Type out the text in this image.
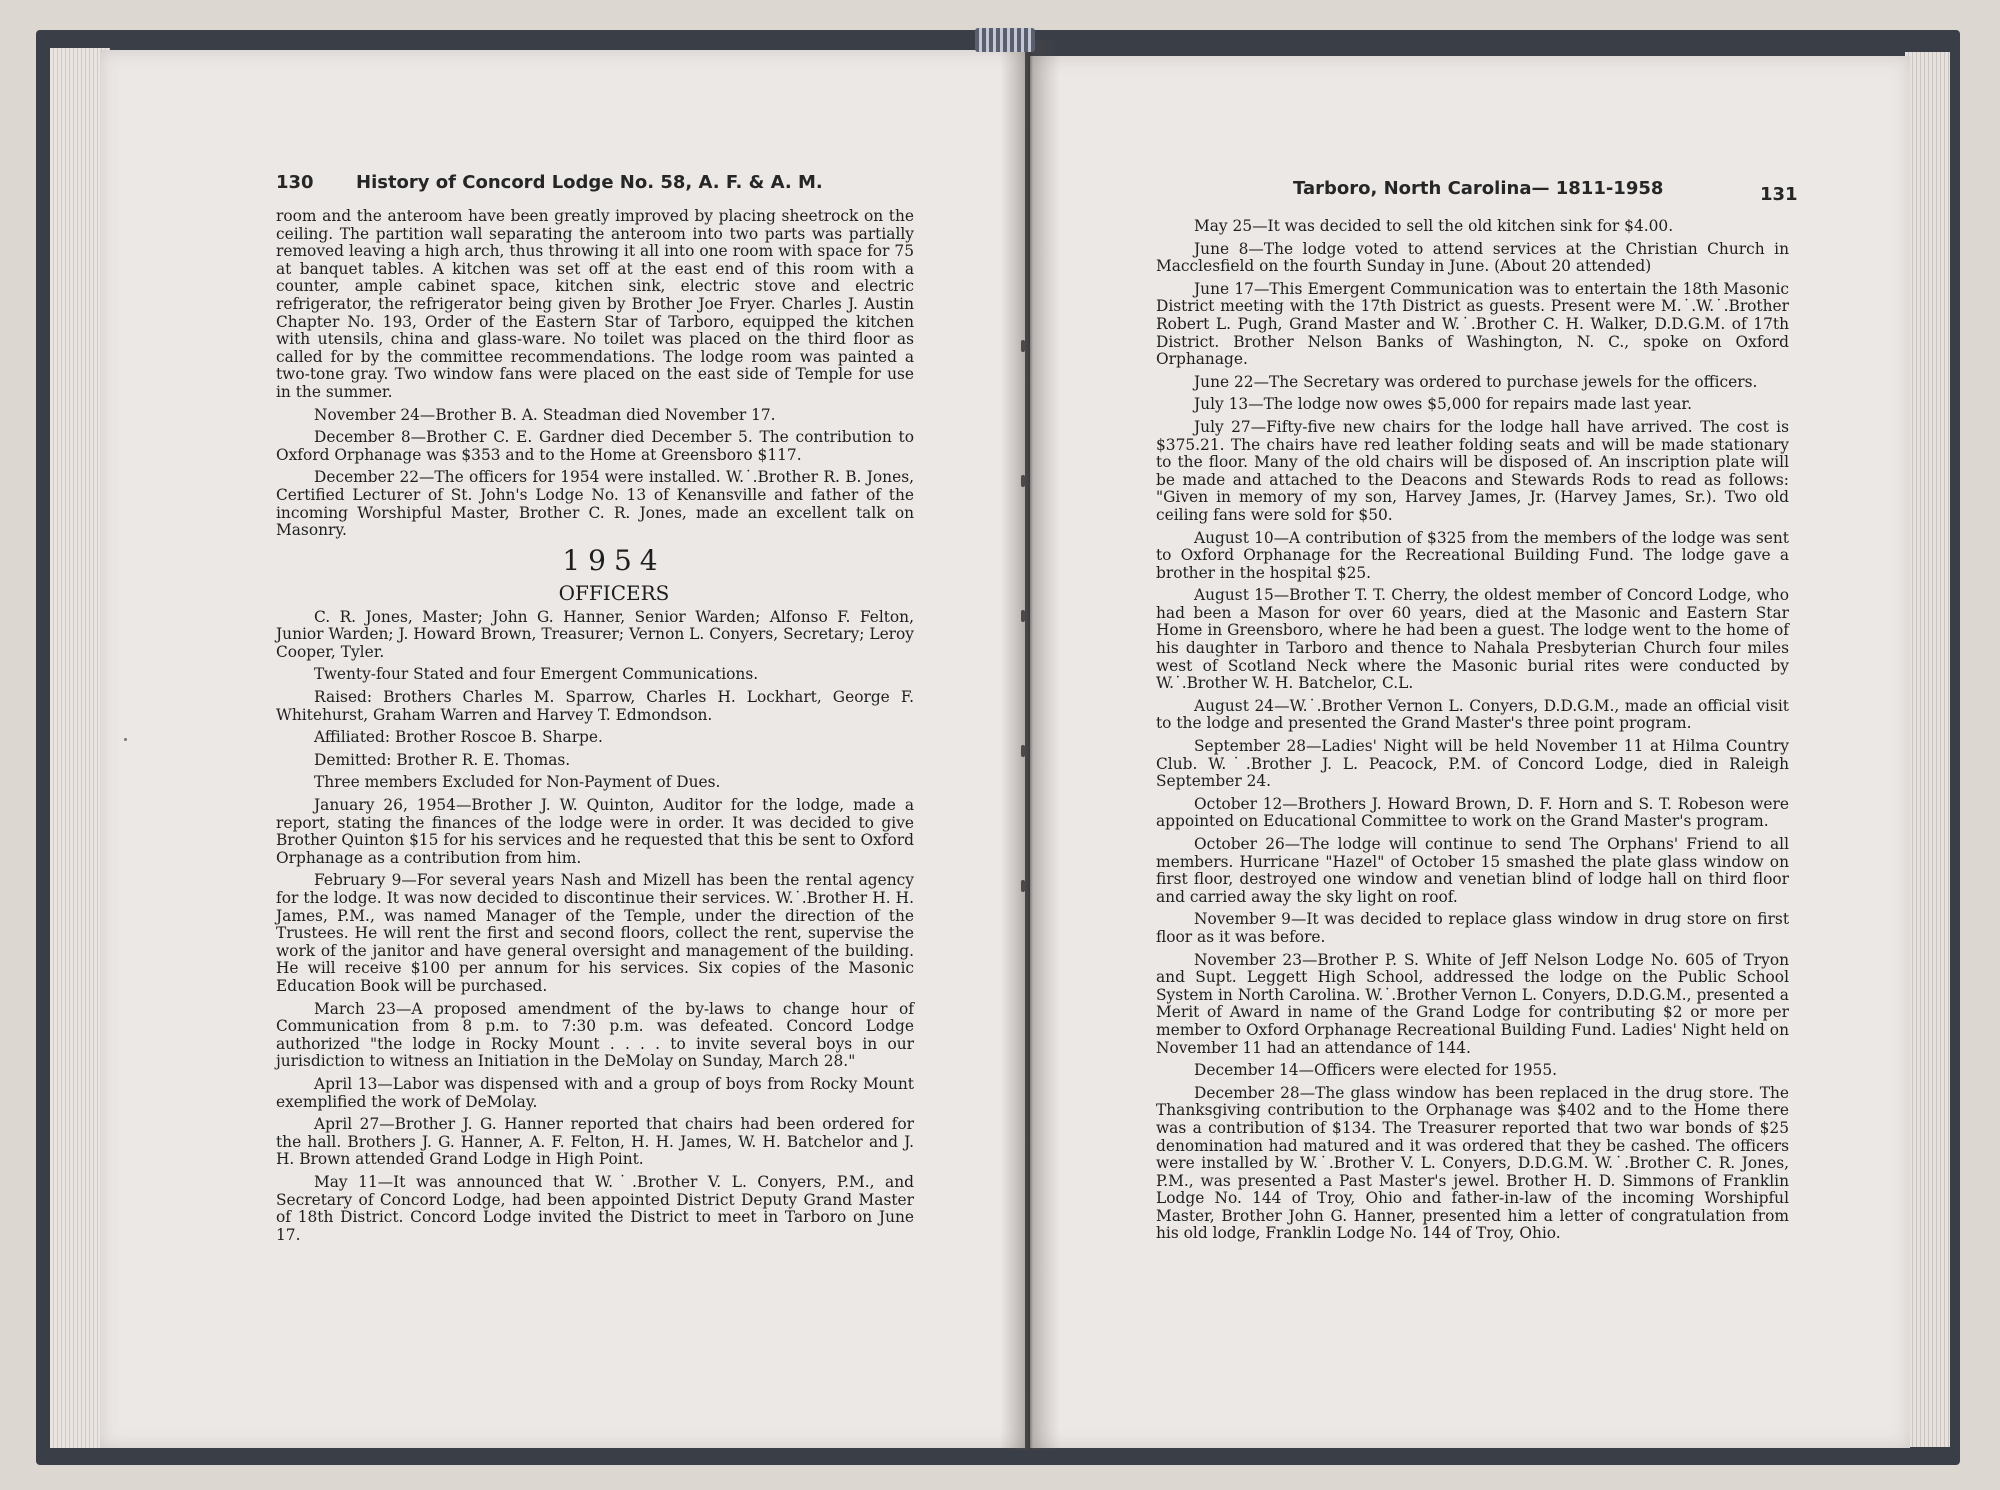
130 History of Concord Lodge No. 58, A. F. & A. M.

room and the anteroom have been greatly improved by placing sheetrock on the ceiling. The partition wall separating the anteroom into two parts was partially removed leaving a high arch, thus throwing it all into one room with space for 75 at banquet tables. A kitchen was set off at the east end of this room with a counter, ample cabinet space, kitchen sink, electric stove and electric refrigerator, the refrigerator being given by Brother Joe Fryer. Charles J. Austin Chapter No. 193, Order of the Eastern Star of Tarboro, equipped the kitchen with utensils, china and glass-ware. No toilet was placed on the third floor as called for by the committee recommendations. The lodge room was painted a two-tone gray. Two window fans were placed on the east side of Temple for use in the summer.

November 24—Brother B. A. Steadman died November 17.

December 8—Brother C. E. Gardner died December 5. The contribution to Oxford Orphanage was $353 and to the Home at Greensboro $117.

December 22—The officers for 1954 were installed. W.˙.Brother R. B. Jones, Certified Lecturer of St. John's Lodge No. 13 of Kenansville and father of the incoming Worshipful Master, Brother C. R. Jones, made an excellent talk on Masonry.

1954

OFFICERS

C. R. Jones, Master; John G. Hanner, Senior Warden; Alfonso F. Felton, Junior Warden; J. Howard Brown, Treasurer; Vernon L. Conyers, Secretary; Leroy Cooper, Tyler.

Twenty-four Stated and four Emergent Communications.

Raised: Brothers Charles M. Sparrow, Charles H. Lockhart, George F. Whitehurst, Graham Warren and Harvey T. Edmondson.

Affiliated: Brother Roscoe B. Sharpe.

Demitted: Brother R. E. Thomas.

Three members Excluded for Non-Payment of Dues.

January 26, 1954—Brother J. W. Quinton, Auditor for the lodge, made a report, stating the finances of the lodge were in order. It was decided to give Brother Quinton $15 for his services and he requested that this be sent to Oxford Orphanage as a contribution from him.

February 9—For several years Nash and Mizell has been the rental agency for the lodge. It was now decided to discontinue their services. W.˙.Brother H. H. James, P.M., was named Manager of the Temple, under the direction of the Trustees. He will rent the first and second floors, collect the rent, supervise the work of the janitor and have general oversight and management of the building. He will receive $100 per annum for his services. Six copies of the Masonic Education Book will be purchased.

March 23—A proposed amendment of the by-laws to change hour of Communication from 8 p.m. to 7:30 p.m. was defeated. Concord Lodge authorized "the lodge in Rocky Mount . . . . to invite several boys in our jurisdiction to witness an Initiation in the DeMolay on Sunday, March 28."

April 13—Labor was dispensed with and a group of boys from Rocky Mount exemplified the work of DeMolay.

April 27—Brother J. G. Hanner reported that chairs had been ordered for the hall. Brothers J. G. Hanner, A. F. Felton, H. H. James, W. H. Batchelor and J. H. Brown attended Grand Lodge in High Point.

May 11—It was announced that W.˙.Brother V. L. Conyers, P.M., and Secretary of Concord Lodge, had been appointed District Deputy Grand Master of 18th District. Concord Lodge invited the District to meet in Tarboro on June 17.

Tarboro, North Carolina— 1811-1958	131

May 25—It was decided to sell the old kitchen sink for $4.00.

June 8—The lodge voted to attend services at the Christian Church in Macclesfield on the fourth Sunday in June. (About 20 attended)

June 17—This Emergent Communication was to entertain the 18th Masonic District meeting with the 17th District as guests. Present were M.˙.W.˙.Brother Robert L. Pugh, Grand Master and W.˙.Brother C. H. Walker, D.D.G.M. of 17th District. Brother Nelson Banks of Washington, N. C., spoke on Oxford Orphanage.

June 22—The Secretary was ordered to purchase jewels for the officers.

July 13—The lodge now owes $5,000 for repairs made last year.

July 27—Fifty-five new chairs for the lodge hall have arrived. The cost is $375.21. The chairs have red leather folding seats and will be made stationary to the floor. Many of the old chairs will be disposed of. An inscription plate will be made and attached to the Deacons and Stewards Rods to read as follows: "Given in memory of my son, Harvey James, Jr. (Harvey James, Sr.). Two old ceiling fans were sold for $50.

August 10—A contribution of $325 from the members of the lodge was sent to Oxford Orphanage for the Recreational Building Fund. The lodge gave a brother in the hospital $25.

August 15—Brother T. T. Cherry, the oldest member of Concord Lodge, who had been a Mason for over 60 years, died at the Masonic and Eastern Star Home in Greensboro, where he had been a guest. The lodge went to the home of his daughter in Tarboro and thence to Nahala Presbyterian Church four miles west of Scotland Neck where the Masonic burial rites were conducted by W.˙.Brother W. H. Batchelor, C.L.

August 24—W.˙.Brother Vernon L. Conyers, D.D.G.M., made an official visit to the lodge and presented the Grand Master's three point program.

September 28—Ladies' Night will be held November 11 at Hilma Country Club. W.˙.Brother J. L. Peacock, P.M. of Concord Lodge, died in Raleigh September 24.

October 12—Brothers J. Howard Brown, D. F. Horn and S. T. Robeson were appointed on Educational Committee to work on the Grand Master's program.

October 26—The lodge will continue to send The Orphans' Friend to all members. Hurricane "Hazel" of October 15 smashed the plate glass window on first floor, destroyed one window and venetian blind of lodge hall on third floor and carried away the sky light on roof.

November 9—It was decided to replace glass window in drug store on first floor as it was before.

November 23—Brother P. S. White of Jeff Nelson Lodge No. 605 of Tryon and Supt. Leggett High School, addressed the lodge on the Public School System in North Carolina. W.˙.Brother Vernon L. Conyers, D.D.G.M., presented a Merit of Award in name of the Grand Lodge for contributing $2 or more per member to Oxford Orphanage Recreational Building Fund. Ladies' Night held on November 11 had an attendance of 144.

December 14—Officers were elected for 1955.

December 28—The glass window has been replaced in the drug store. The Thanksgiving contribution to the Orphanage was $402 and to the Home there was a contribution of $134. The Treasurer reported that two war bonds of $25 denomination had matured and it was ordered that they be cashed. The officers were installed by W.˙.Brother V. L. Conyers, D.D.G.M. W.˙.Brother C. R. Jones, P.M., was presented a Past Master's jewel. Brother H. D. Simmons of Franklin Lodge No. 144 of Troy, Ohio and father-in-law of the incoming Worshipful Master, Brother John G. Hanner, presented him a letter of congratulation from his old lodge, Franklin Lodge No. 144 of Troy, Ohio.
